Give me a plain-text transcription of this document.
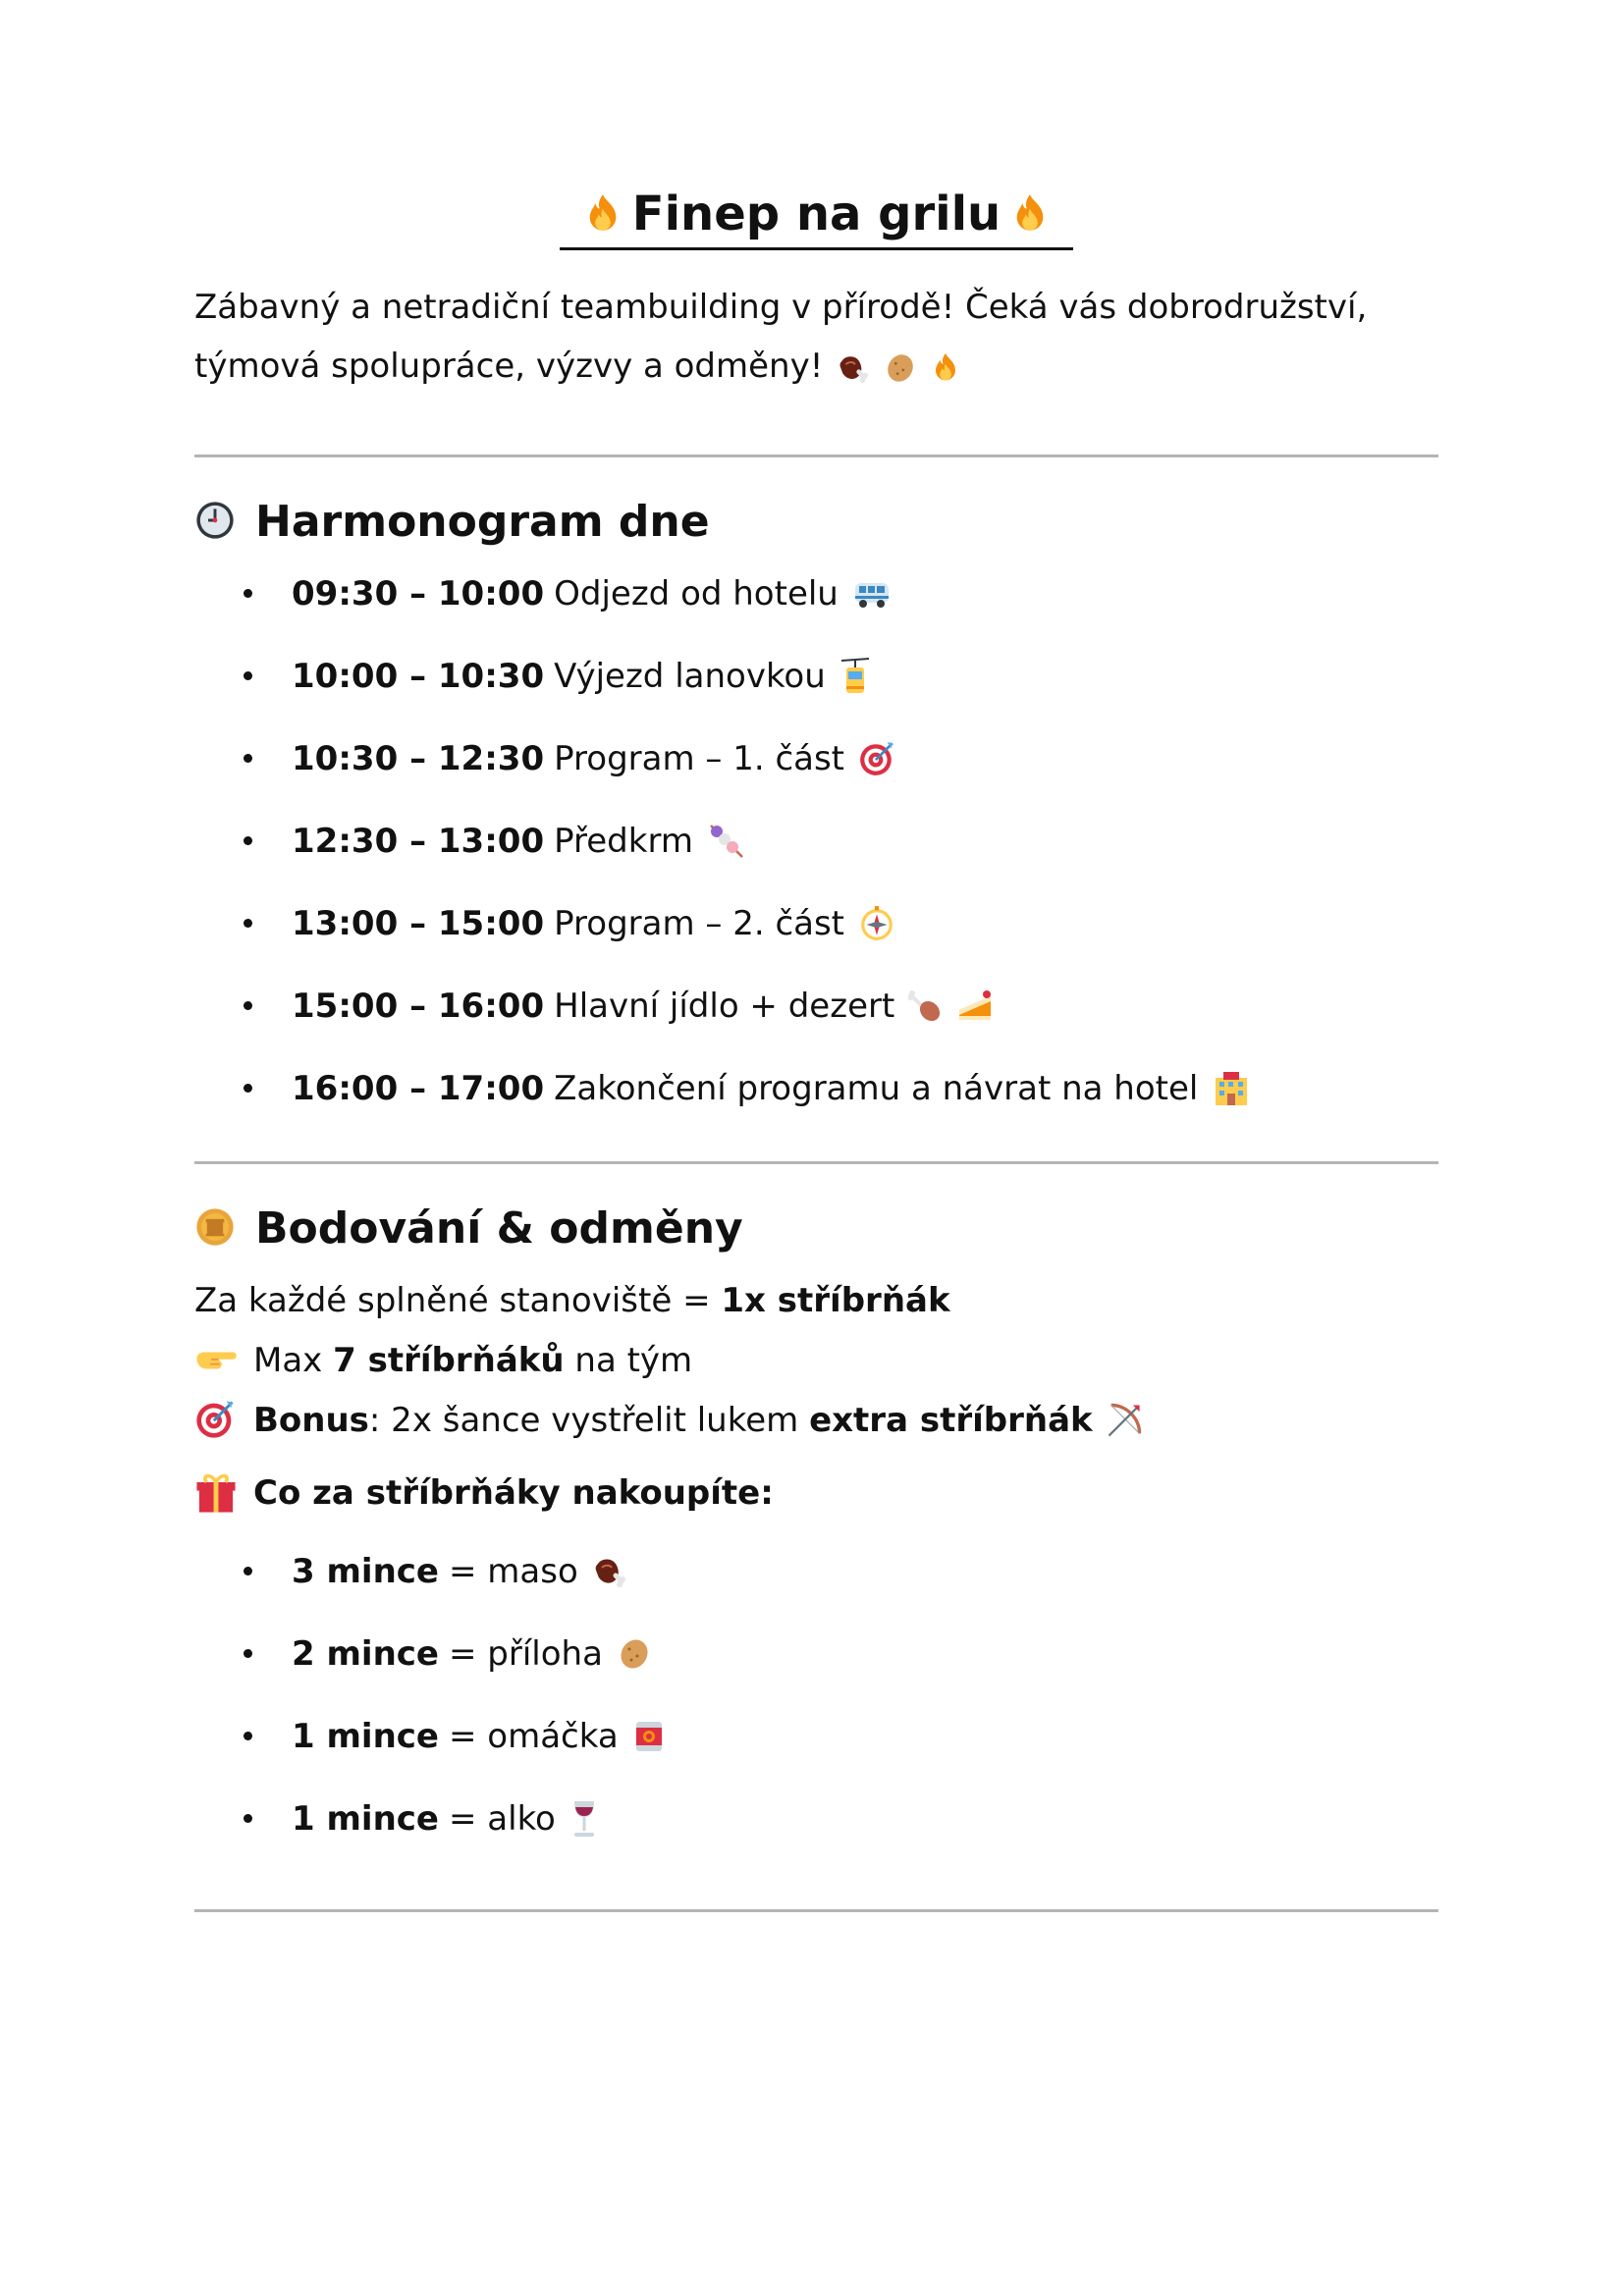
Finep na grilu

Zábavný a netradiční teambuilding v přírodě! Čeká vás dobrodružství,
týmová spolupráce, výzvy a odměny!

Harmonogram dne
09:30 – 10:00 Odjezd od hotelu
10:00 – 10:30 Výjezd lanovkou
10:30 – 12:30 Program – 1. část
12:30 – 13:00 Předkrm
13:00 – 15:00 Program – 2. část
15:00 – 16:00 Hlavní jídlo + dezert
16:00 – 17:00 Zakončení programu a návrat na hotel
Bodování & odměny

Za každé splněné stanoviště = 1x stříbrňák

Max 7 stříbrňáků na tým

Bonus : 2x šance vystřelit lukem extra stříbrňák

Co za stříbrňáky nakoupíte:

3 mince = maso
2 mince = příloha
1 mince = omáčka
1 mince = alko
